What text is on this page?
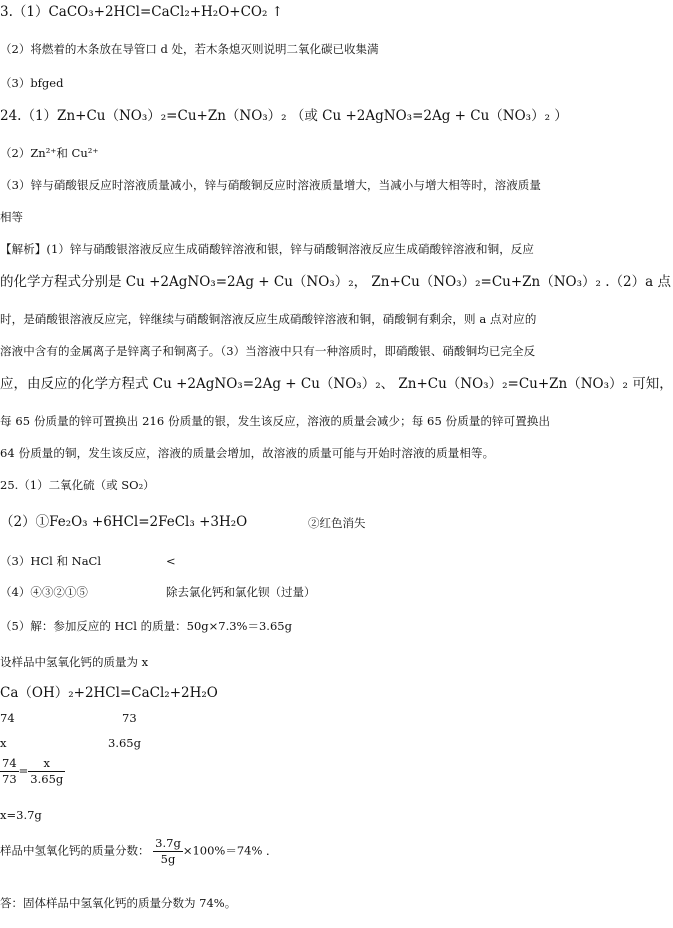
3.（1）CaCO₃+2HCl=CaCl₂+H₂O+CO₂ ↑
（2）将燃着的木条放在导管口 d 处，若木条熄灭则说明二氧化碳已收集满
（3）bfged
24.（1）Zn+Cu（NO₃）₂=Cu+Zn（NO₃）₂ （或 Cu +2AgNO₃=2Ag + Cu（NO₃）₂ ）
（2）Zn²⁺和 Cu²⁺
（3）锌与硝酸银反应时溶液质量减小，锌与硝酸铜反应时溶液质量增大，当减小与增大相等时，溶液质量
相等
【解析】(1）锌与硝酸银溶液反应生成硝酸锌溶液和银，锌与硝酸铜溶液反应生成硝酸锌溶液和铜，反应
的化学方程式分别是 Cu +2AgNO₃=2Ag + Cu（NO₃）₂， Zn+Cu（NO₃）₂=Cu+Zn（NO₃）₂ .（2）a 点
时，是硝酸银溶液反应完，锌继续与硝酸铜溶液反应生成硝酸锌溶液和铜，硝酸铜有剩余，则 a 点对应的
溶液中含有的金属离子是锌离子和铜离子。（3）当溶液中只有一种溶质时，即硝酸银、硝酸铜均已完全反
应，由反应的化学方程式 Cu +2AgNO₃=2Ag + Cu（NO₃）₂、 Zn+Cu（NO₃）₂=Cu+Zn（NO₃）₂ 可知，
每 65 份质量的锌可置换出 216 份质量的银，发生该反应，溶液的质量会减少；每 65 份质量的锌可置换出
64 份质量的铜，发生该反应，溶液的质量会增加，故溶液的质量可能与开始时溶液的质量相等。
25.（1）二氧化硫（或 SO₂）
（2）①Fe₂O₃ +6HCl=2FeCl₃ +3H₂O	②红色消失
（3）HCl 和 NaCl	<
（4）④③②①⑤	除去氯化钙和氯化钡（过量）
（5）解：参加反应的 HCl 的质量：50g×7.3%＝3.65g
设样品中氢氧化钙的质量为 x
Ca（OH）₂+2HCl=CaCl₂+2H₂O
74	73
x	3.65g
$\frac{74}{73} = \frac{x}{3.65g}$
x=3.7g
样品中氢氧化钙的质量分数： $\frac{3.7g}{5g} \times 100\%=74\%$ ．
答：固体样品中氢氧化钙的质量分数为 74%。
